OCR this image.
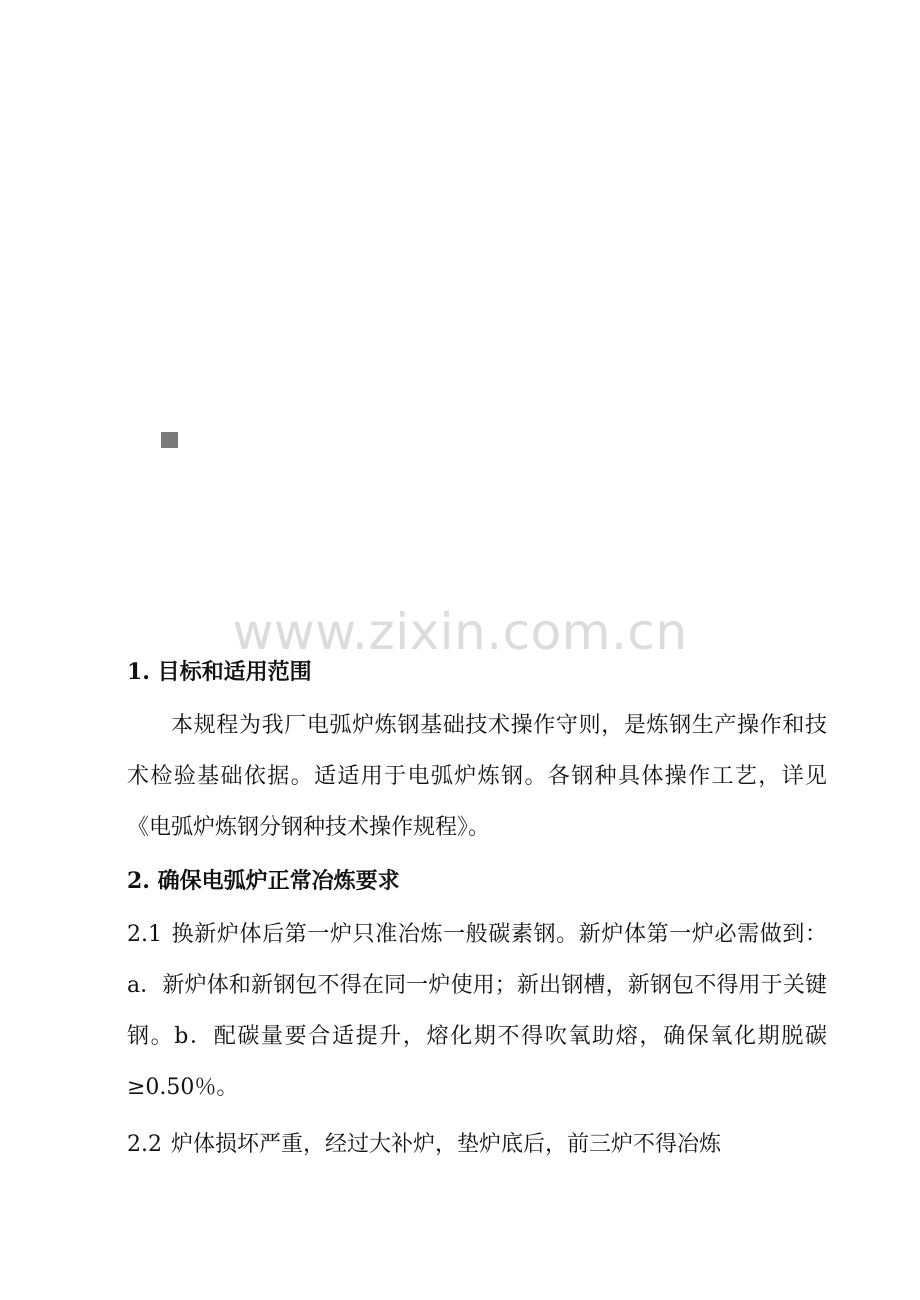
www.zixin.com.cn

1. 目标和适用范围

本规程为我厂电弧炉炼钢基础技术操作守则，是炼钢生产操作和技术检验基础依据。适适用于电弧炉炼钢。各钢种具体操作工艺，详见《电弧炉炼钢分钢种技术操作规程》。

2. 确保电弧炉正常冶炼要求

2.1 换新炉体后第一炉只准冶炼一般碳素钢。新炉体第一炉必需做到：a．新炉体和新钢包不得在同一炉使用；新出钢槽，新钢包不得用于关键钢。b．配碳量要合适提升，熔化期不得吹氧助熔，确保氧化期脱碳≥0.50％。

2.2 炉体损坏严重，经过大补炉，垫炉底后，前三炉不得冶炼
